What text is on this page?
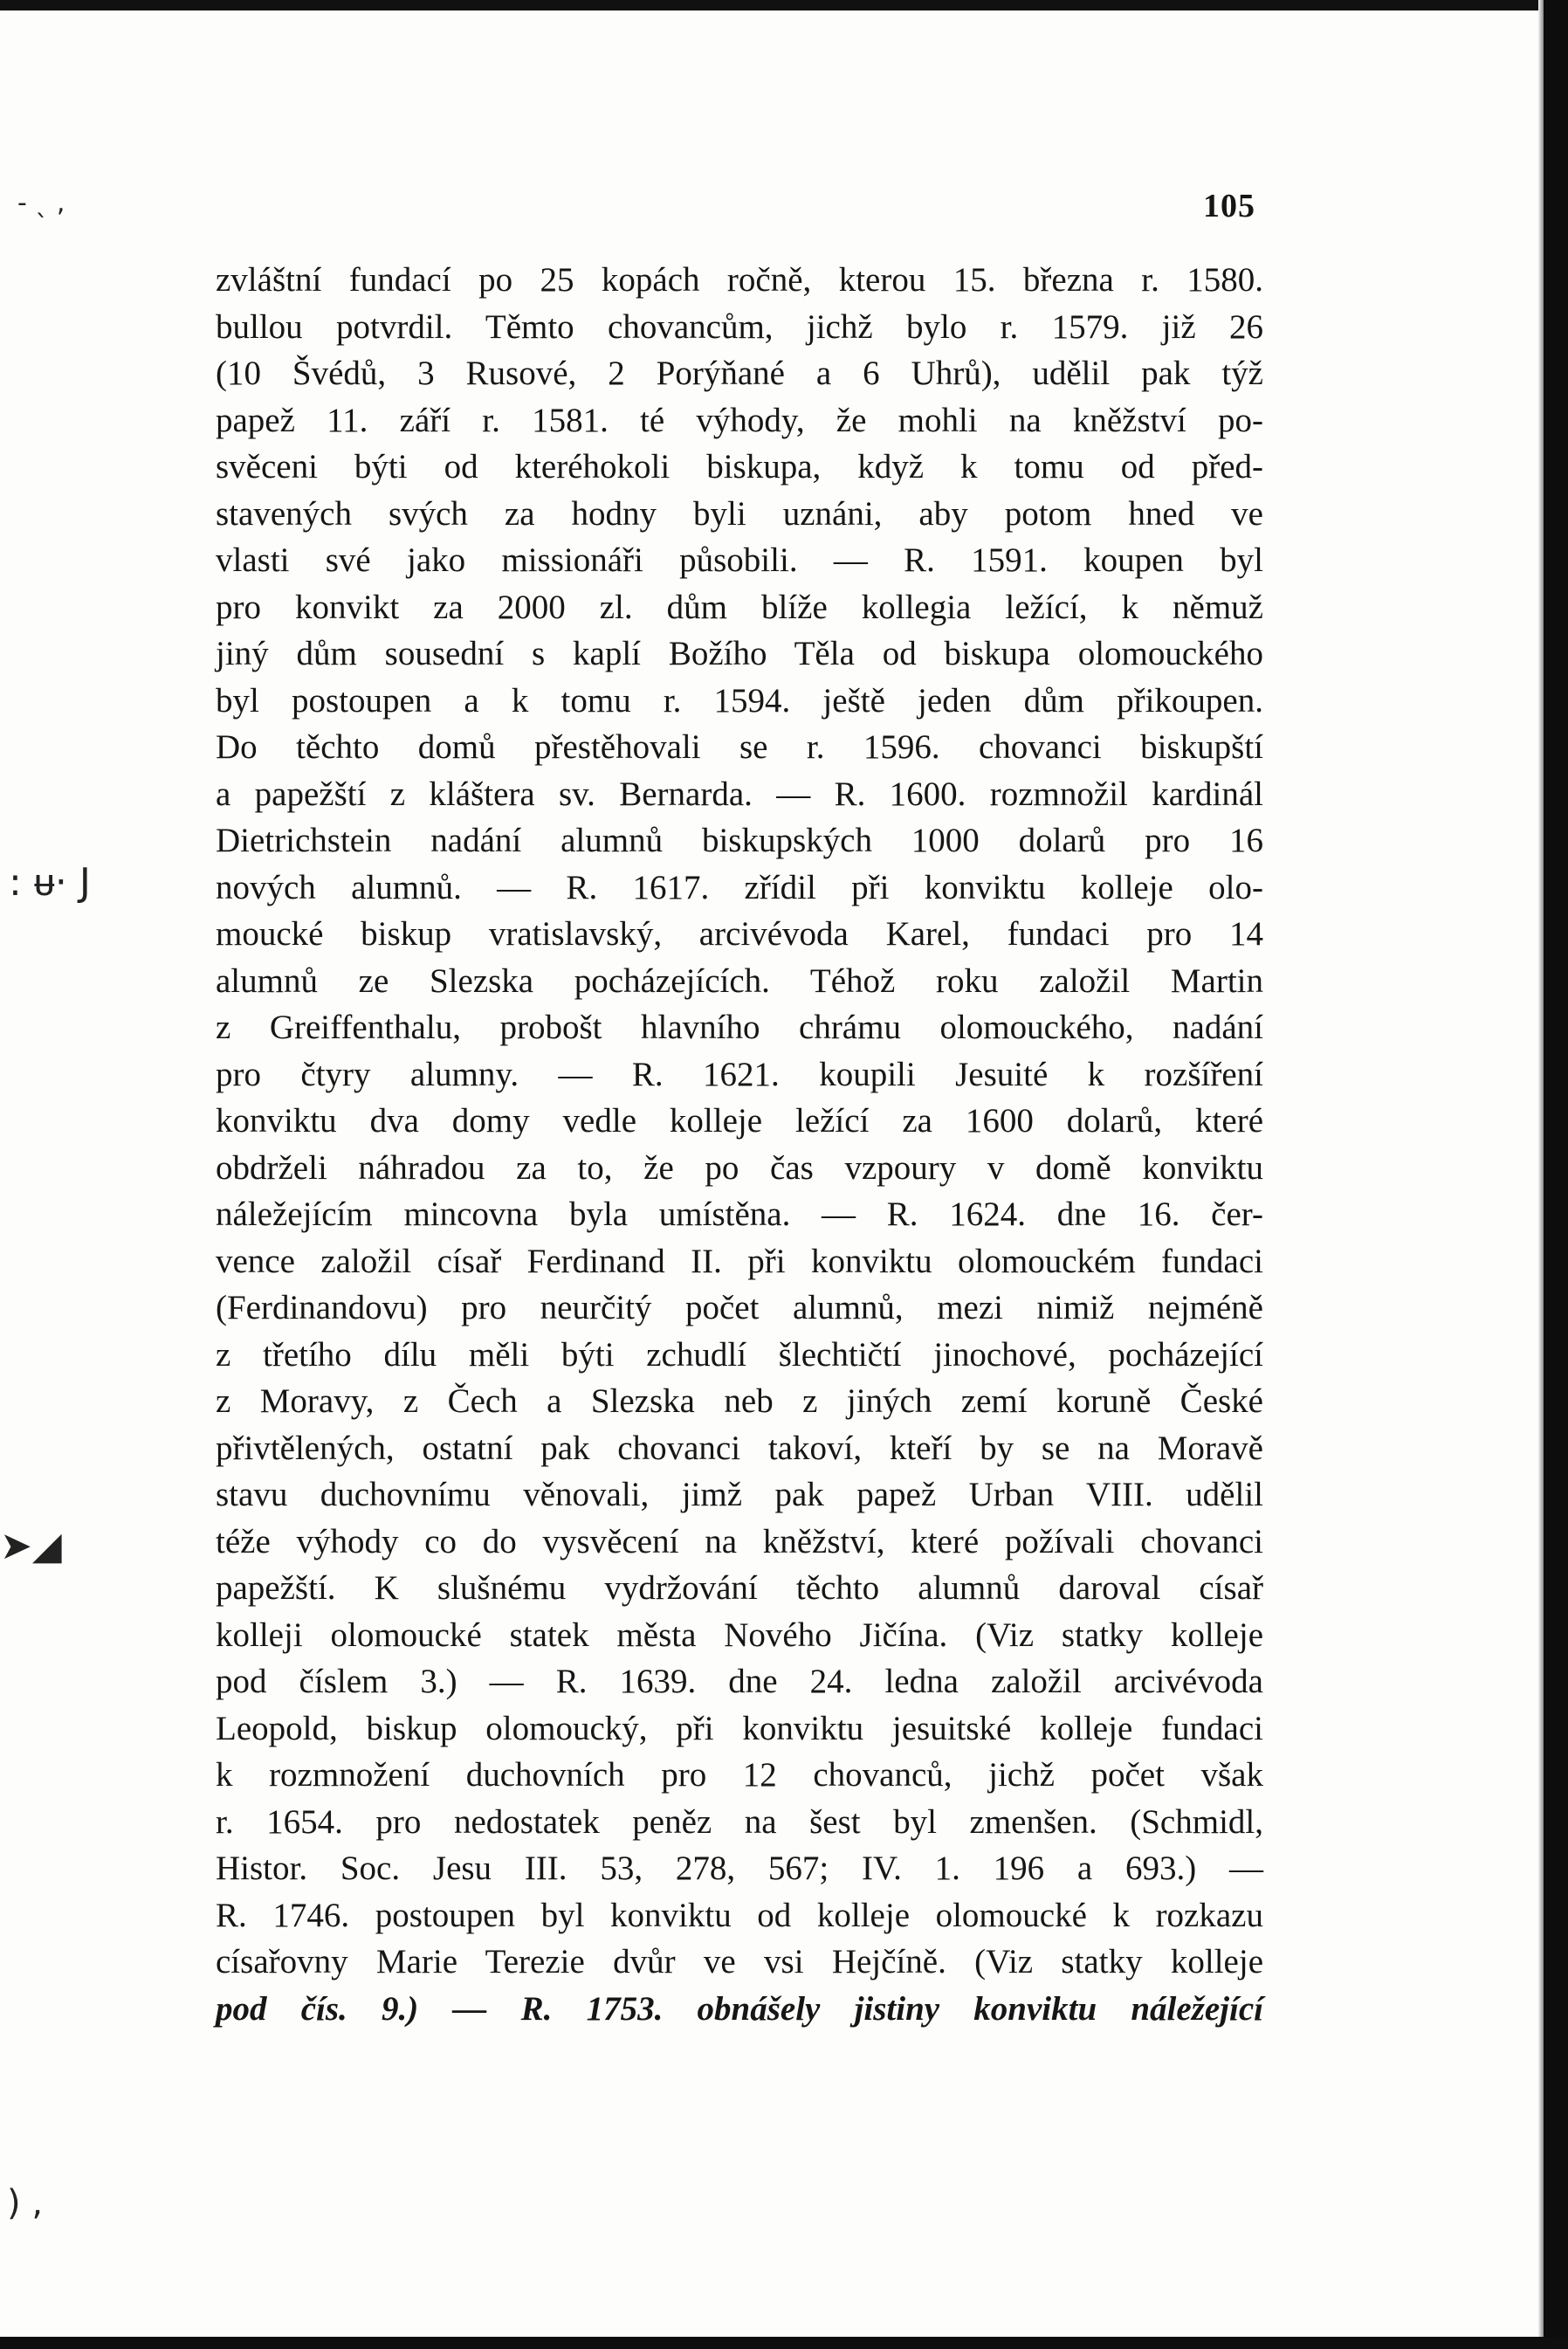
- ˎ ,
: ᵾ· J
➤◢
) ,
105
zvláštní fundací po 25 kopách ročně, kterou 15. března r. 1580.
bullou potvrdil. Těmto chovancům, jichž bylo r. 1579. již 26
(10 Švédů, 3 Rusové, 2 Porýňané a 6 Uhrů), udělil pak týž
papež 11. září r. 1581. té výhody, že mohli na kněžství po-
svěceni býti od kteréhokoli biskupa, když k tomu od před-
stavených svých za hodny byli uznáni, aby potom hned ve
vlasti své jako missionáři působili. — R. 1591. koupen byl
pro konvikt za 2000 zl. dům blíže kollegia ležící, k němuž
jiný dům sousední s kaplí Božího Těla od biskupa olomouckého
byl postoupen a k tomu r. 1594. ještě jeden dům přikoupen.
Do těchto domů přestěhovali se r. 1596. chovanci biskupští
a papežští z kláštera sv. Bernarda. — R. 1600. rozmnožil kardinál
Dietrichstein nadání alumnů biskupských 1000 dolarů pro 16
nových alumnů. — R. 1617. zřídil při konviktu kolleje olo-
moucké biskup vratislavský, arcivévoda Karel, fundaci pro 14
alumnů ze Slezska pocházejících. Téhož roku založil Martin
z Greiffenthalu, probošt hlavního chrámu olomouckého, nadání
pro čtyry alumny. — R. 1621. koupili Jesuité k rozšíření
konviktu dva domy vedle kolleje ležící za 1600 dolarů, které
obdrželi náhradou za to, že po čas vzpoury v domě konviktu
náležejícím mincovna byla umístěna. — R. 1624. dne 16. čer-
vence založil císař Ferdinand II. při konviktu olomouckém fundaci
(Ferdinandovu) pro neurčitý počet alumnů, mezi nimiž nejméně
z třetího dílu měli býti zchudlí šlechtičtí jinochové, pocházející
z Moravy, z Čech a Slezska neb z jiných zemí koruně České
přivtělených, ostatní pak chovanci takoví, kteří by se na Moravě
stavu duchovnímu věnovali, jimž pak papež Urban VIII. udělil
téže výhody co do vysvěcení na kněžství, které požívali chovanci
papežští. K slušnému vydržování těchto alumnů daroval císař
kolleji olomoucké statek města Nového Jičína. (Viz statky kolleje
pod číslem 3.) — R. 1639. dne 24. ledna založil arcivévoda
Leopold, biskup olomoucký, při konviktu jesuitské kolleje fundaci
k rozmnožení duchovních pro 12 chovanců, jichž počet však
r. 1654. pro nedostatek peněz na šest byl zmenšen. (Schmidl,
Histor. Soc. Jesu III. 53, 278, 567; IV. 1. 196 a 693.) —
R. 1746. postoupen byl konviktu od kolleje olomoucké k rozkazu
císařovny Marie Terezie dvůr ve vsi Hejčíně. (Viz statky kolleje
pod čís. 9.) — R. 1753. obnášely jistiny konviktu náležející
